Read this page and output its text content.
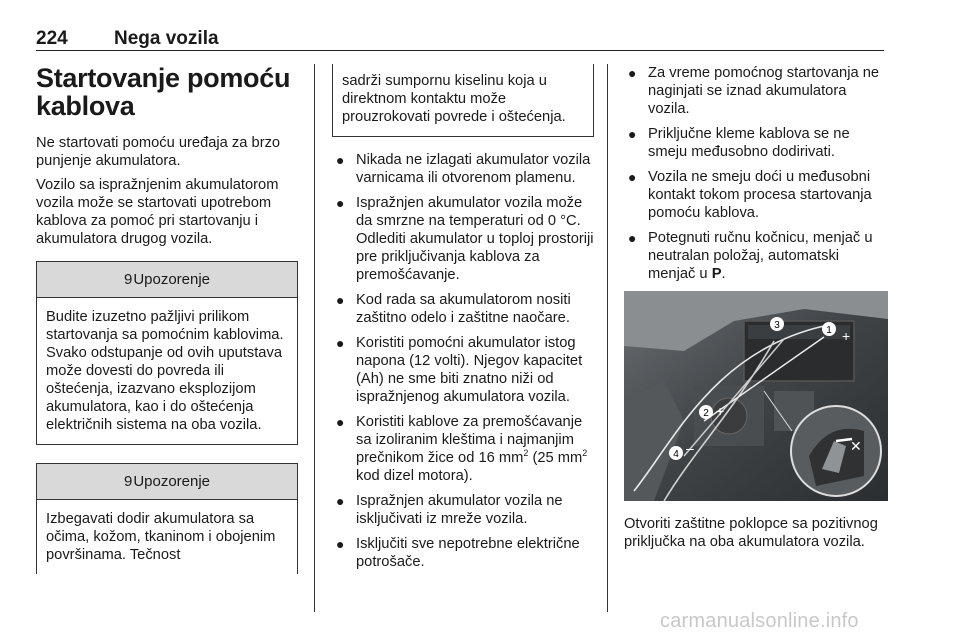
224 Nega vozila
Startovanje pomoću kablova

Ne startovati pomoću uređaja za brzo punjenje akumulatora.

Vozilo sa ispražnjenim akumulatorom vozila može se startovati upotrebom kablova za pomoć pri startovanju i akumulatora drugog vozila.

9Upozorenje
Budite izuzetno pažljivi prilikom startovanja sa pomoćnim kablovima. Svako odstupanje od ovih uputstava može dovesti do povreda ili oštećenja, izazvano eksplozijom akumulatora, kao i do oštećenja električnih sistema na oba vozila.
9Upozorenje
Izbegavati dodir akumulatora sa očima, kožom, tkaninom i obojenim površinama. Tečnost
sadrži sumpornu kiselinu koja u direktnom kontaktu može prouzrokovati povrede i oštećenja.
● Nikada ne izlagati akumulator vozila varnicama ili otvorenom plamenu.
● Ispražnjen akumulator vozila može da smrzne na temperaturi od 0 °C. Odlediti akumulator u toploj prostoriji pre priključivanja kablova za premošćavanje.
● Kod rada sa akumulatorom nositi zaštitno odelo i zaštitne naočare.
● Koristiti pomoćni akumulator istog napona (12 volti). Njegov kapacitet (Ah) ne sme biti znatno niži od ispražnjenog akumulatora vozila.
● Koristiti kablove za premošćavanje sa izoliranim kleštima i najmanjim prečnikom žice od 16 $mm^2$ (25 $mm^2$ kod dizel motora).
● Ispražnjen akumulator vozila ne isključivati iz mreže vozila.
● Isključiti sve nepotrebne električne potrošače.
● Za vreme pomoćnog startovanja ne naginjati se iznad akumulatora vozila.
● Priključne kleme kablova se ne smeju međusobno dodirivati.
● Vozila ne smeju doći u međusobni kontakt tokom procesa startovanja pomoću kablova.
● Potegnuti ručnu kočnicu, menjač u neutralan položaj, automatski menjač u P.
3	1 +
2 +
4 –	✕

Otvoriti zaštitne poklopce sa pozitivnog priključka na oba akumulatora vozila.

carmanualsonline.info
